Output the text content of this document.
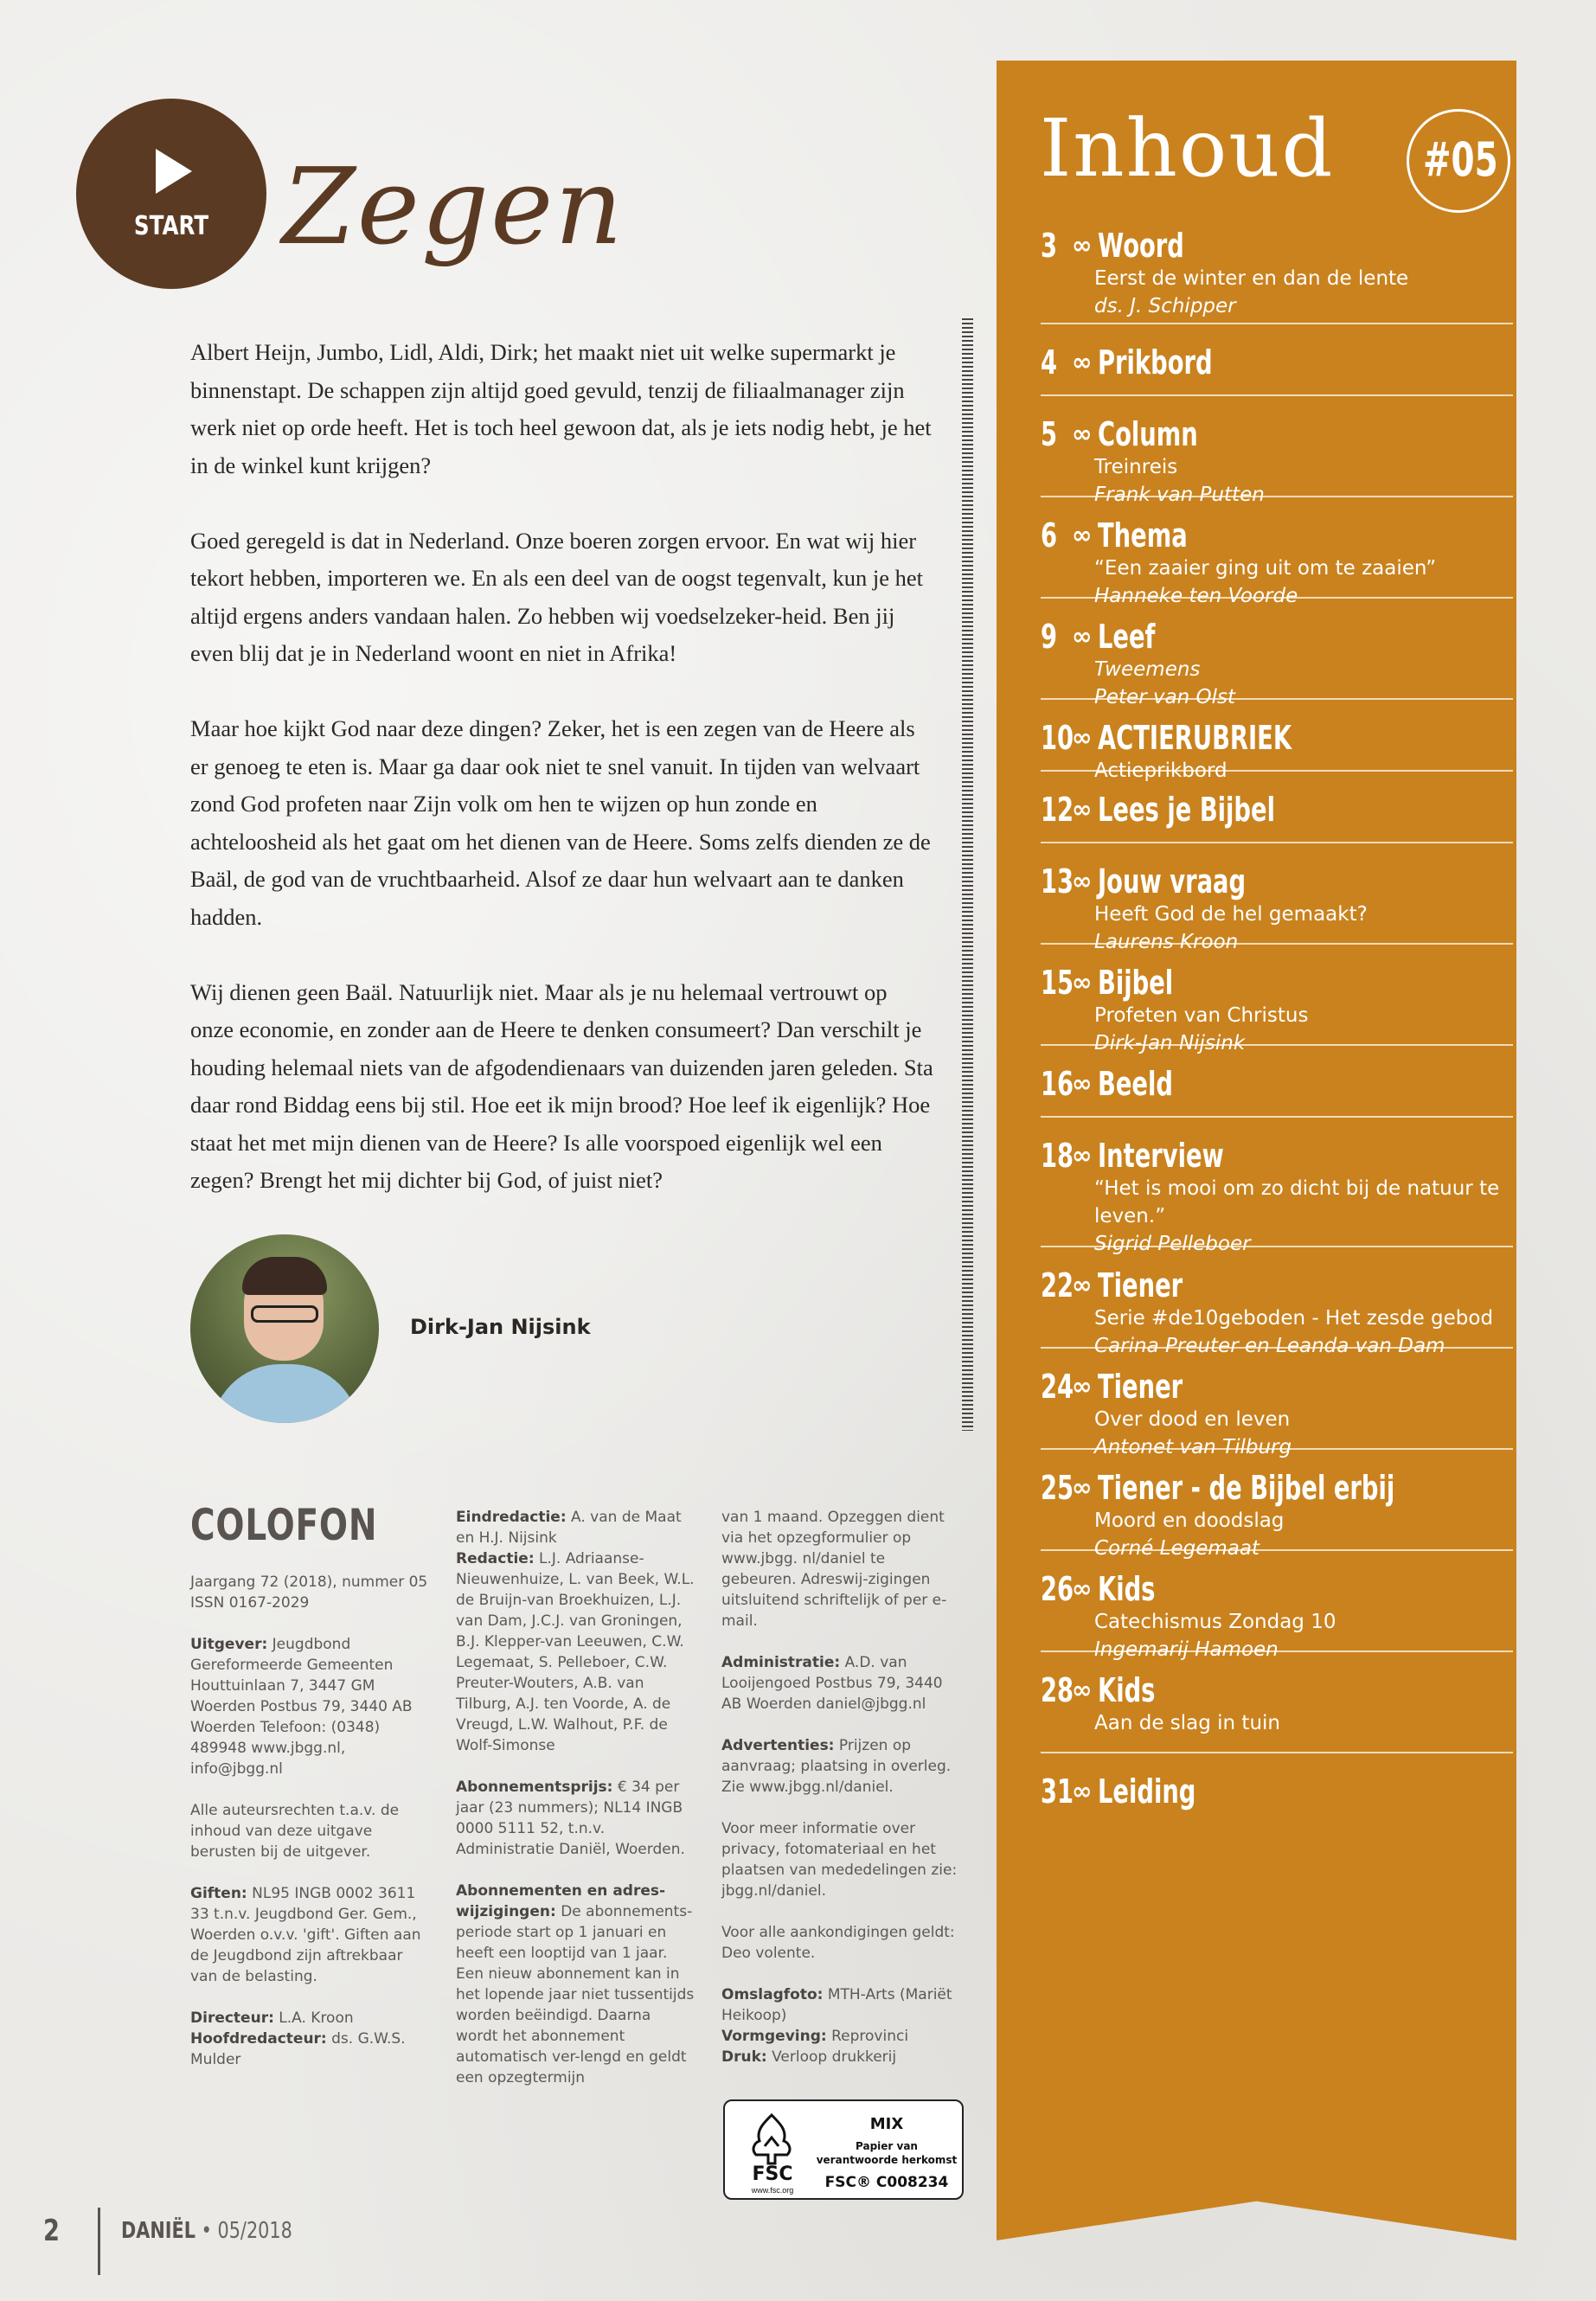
START Zegen

Albert Heijn, Jumbo, Lidl, Aldi, Dirk; het maakt niet uit welke supermarkt je binnenstapt. De schappen zijn altijd goed gevuld, tenzij de filiaalmanager zijn werk niet op orde heeft. Het is toch heel gewoon dat, als je iets nodig hebt, je het in de winkel kunt krijgen?

Goed geregeld is dat in Nederland. Onze boeren zorgen ervoor. En wat wij hier tekort hebben, importeren we. En als een deel van de oogst tegenvalt, kun je het altijd ergens anders vandaan halen. Zo hebben wij voedselzeker-heid. Ben jij even blij dat je in Nederland woont en niet in Afrika!

Maar hoe kijkt God naar deze dingen? Zeker, het is een zegen van de Heere als er genoeg te eten is. Maar ga daar ook niet te snel vanuit. In tijden van welvaart zond God profeten naar Zijn volk om hen te wijzen op hun zonde en achteloosheid als het gaat om het dienen van de Heere. Soms zelfs dienden ze de Baäl, de god van de vruchtbaarheid. Alsof ze daar hun welvaart aan te danken hadden.

Wij dienen geen Baäl. Natuurlijk niet. Maar als je nu helemaal vertrouwt op onze economie, en zonder aan de Heere te denken consumeert? Dan verschilt je houding helemaal niets van de afgodendienaars van duizenden jaren geleden. Sta daar rond Biddag eens bij stil. Hoe eet ik mijn brood? Hoe leef ik eigenlijk? Hoe staat het met mijn dienen van de Heere? Is alle voorspoed eigenlijk wel een zegen? Brengt het mij dichter bij God, of juist niet?

Dirk-Jan Nijsink
COLOFON

Jaargang 72 (2018), nummer 05 ISSN 0167-2029

Uitgever: Jeugdbond Gereformeerde Gemeenten Houttuinlaan 7, 3447 GM Woerden Postbus 79, 3440 AB Woerden Telefoon: (0348) 489948 www.jbgg.nl, info@jbgg.nl

Alle auteursrechten t.a.v. de inhoud van deze uitgave berusten bij de uitgever.

Giften: NL95 INGB 0002 3611 33 t.n.v. Jeugdbond Ger. Gem., Woerden o.v.v. 'gift'. Giften aan de Jeugdbond zijn aftrekbaar van de belasting.

Directeur: L.A. Kroon
Hoofdredacteur: ds. G.W.S. Mulder

Eindredactie: A. van de Maat en H.J. Nijsink
Redactie: L.J. Adriaanse-Nieuwenhuize, L. van Beek, W.L. de Bruijn-van Broekhuizen, L.J. van Dam, J.C.J. van Groningen, B.J. Klepper-van Leeuwen, C.W. Legemaat, S. Pelleboer, C.W. Preuter-Wouters, A.B. van Tilburg, A.J. ten Voorde, A. de Vreugd, L.W. Walhout, P.F. de Wolf-Simonse

Abonnementsprijs: € 34 per jaar (23 nummers); NL14 INGB 0000 5111 52, t.n.v. Administratie Daniël, Woerden.

Abonnementen en adres-wijzigingen: De abonnements-periode start op 1 januari en heeft een looptijd van 1 jaar. Een nieuw abonnement kan in het lopende jaar niet tussentijds worden beëindigd. Daarna wordt het abonnement automatisch ver-lengd en geldt een opzegtermijn

van 1 maand. Opzeggen dient via het opzegformulier op www.jbgg. nl/daniel te gebeuren. Adreswij-zigingen uitsluitend schriftelijk of per e-mail.

Administratie: A.D. van Looijengoed Postbus 79, 3440 AB Woerden daniel@jbgg.nl

Advertenties: Prijzen op aanvraag; plaatsing in overleg. Zie www.jbgg.nl/daniel.

Voor meer informatie over privacy, fotomateriaal en het plaatsen van mededelingen zie: jbgg.nl/daniel.

Voor alle aankondigingen geldt: Deo volente.

Omslagfoto: MTH-Arts (Mariët Heikoop)
Vormgeving: Reprovinci
Druk: Verloop drukkerij

FSC
www.fsc.org
MIX
Papier van verantwoorde herkomst
FSC® C008234
2	DANIËL • 05/2018
Inhoud #05
3 ∞ Woord
Eerst de winter en dan de lente
ds. J. Schipper
4 ∞ Prikbord
5 ∞ Column
Treinreis
Frank van Putten
6 ∞ Thema
“Een zaaier ging uit om te zaaien”
Hanneke ten Voorde
9 ∞ Leef
Tweemens
Peter van Olst
10∞ ACTIERUBRIEK
Actieprikbord
12∞ Lees je Bijbel
13∞ Jouw vraag
Heeft God de hel gemaakt?
Laurens Kroon
15∞ Bijbel
Profeten van Christus
Dirk-Jan Nijsink
16∞ Beeld
18∞ Interview
“Het is mooi om zo dicht bij de natuur te leven.”
Sigrid Pelleboer
22∞ Tiener
Serie #de10geboden - Het zesde gebod
Carina Preuter en Leanda van Dam
24∞ Tiener
Over dood en leven
Antonet van Tilburg
25∞ Tiener - de Bijbel erbij
Moord en doodslag
Corné Legemaat
26∞ Kids
Catechismus Zondag 10
Ingemarij Hamoen
28∞ Kids
Aan de slag in tuin
31∞ Leiding
